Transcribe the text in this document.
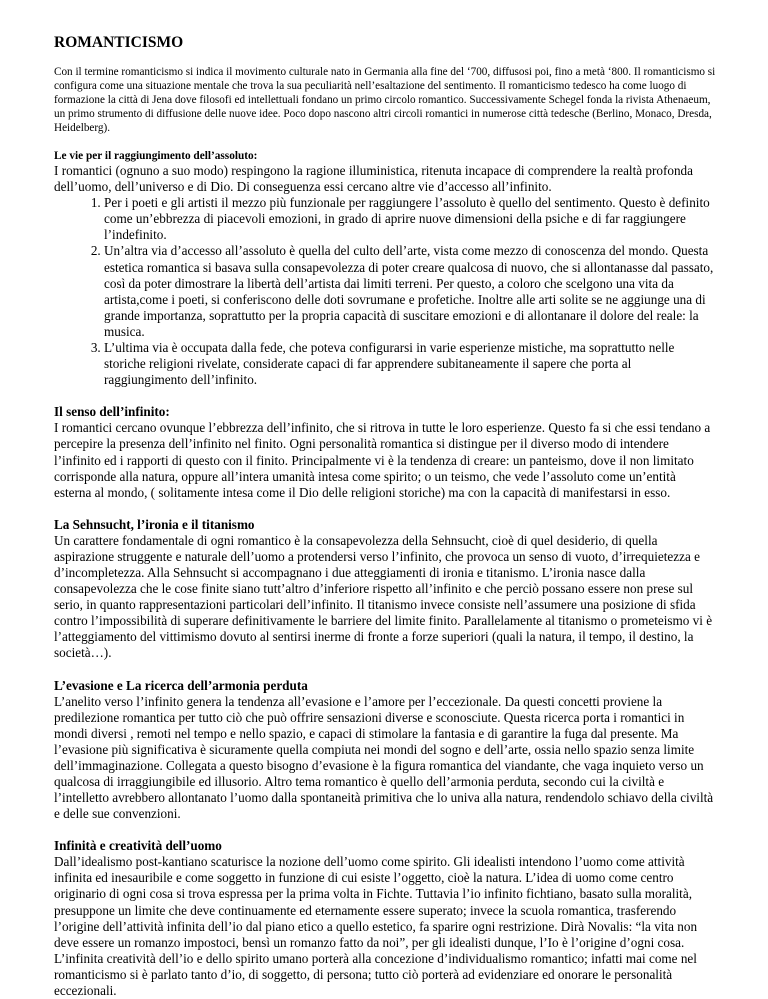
ROMANTICISMO

Con il termine romanticismo si indica il movimento culturale nato in Germania alla fine del ‘700, diffusosi poi, fino a metà ‘800. Il romanticismo si configura come una situazione mentale che trova la sua peculiarità nell’esaltazione del sentimento. Il romanticismo tedesco ha come luogo di formazione la città di Jena dove filosofi ed intellettuali fondano un primo circolo romantico. Successivamente Schegel fonda la rivista Athenaeum, un primo strumento di diffusione delle nuove idee. Poco dopo nascono altri circoli romantici in numerose città tedesche (Berlino, Monaco, Dresda, Heidelberg).

Le vie per il raggiungimento dell’assoluto:

I romantici (ognuno a suo modo) respingono la ragione illuministica, ritenuta incapace di comprendere la realtà profonda dell’uomo, dell’universo e di Dio. Di conseguenza essi cercano altre vie d’accesso all’infinito.

1. Per i poeti e gli artisti il mezzo più funzionale per raggiungere l’assoluto è quello del sentimento. Questo è definito come un’ebbrezza di piacevoli emozioni, in grado di aprire nuove dimensioni della psiche e di far raggiungere l’indefinito.
2. Un’altra via d’accesso all’assoluto è quella del culto dell’arte, vista come mezzo di conoscenza del mondo. Questa estetica romantica si basava sulla consapevolezza di poter creare qualcosa di nuovo, che si allontanasse dal passato, così da poter dimostrare la libertà dell’artista dai limiti terreni. Per questo, a coloro che scelgono una vita da artista,come i poeti, si conferiscono delle doti sovrumane e profetiche. Inoltre alle arti solite se ne aggiunge una di grande importanza, soprattutto per la propria capacità di suscitare emozioni e di allontanare il dolore del reale: la musica.
3. L’ultima via è occupata dalla fede, che poteva configurarsi in varie esperienze mistiche, ma soprattutto nelle storiche religioni rivelate, considerate capaci di far apprendere subitaneamente il sapere che porta al raggiungimento dell’infinito.
Il senso dell’infinito:

I romantici cercano ovunque l’ebbrezza dell’infinito, che si ritrova in tutte le loro esperienze. Questo fa si che essi tendano a percepire la presenza dell’infinito nel finito. Ogni personalità romantica si distingue per il diverso modo di intendere l’infinito ed i rapporti di questo con il finito. Principalmente vi è la tendenza di creare: un panteismo, dove il non limitato corrisponde alla natura, oppure all’intera umanità intesa come spirito; o un teismo, che vede l’assoluto come un’entità esterna al mondo, ( solitamente intesa come il Dio delle religioni storiche) ma con la capacità di manifestarsi in esso.

La Sehnsucht, l’ironia e il titanismo

Un carattere fondamentale di ogni romantico è la consapevolezza della Sehnsucht, cioè di quel desiderio, di quella aspirazione struggente e naturale dell’uomo a protendersi verso l’infinito, che provoca un senso di vuoto, d’irrequietezza e d’incompletezza. Alla Sehnsucht si accompagnano i due atteggiamenti di ironia e titanismo. L’ironia nasce dalla consapevolezza che le cose finite siano tutt’altro d’inferiore rispetto all’infinito e che perciò possano essere non prese sul serio, in quanto rappresentazioni particolari dell’infinito. Il titanismo invece consiste nell’assumere una posizione di sfida contro l’impossibilità di superare definitivamente le barriere del limite finito. Parallelamente al titanismo o prometeismo vi è l’atteggiamento del vittimismo dovuto al sentirsi inerme di fronte a forze superiori (quali la natura, il tempo, il destino, la società…).

L’evasione e La ricerca dell’armonia perduta

L’anelito verso l’infinito genera la tendenza all’evasione e l’amore per l’eccezionale. Da questi concetti proviene la predilezione romantica per tutto ciò che può offrire sensazioni diverse e sconosciute. Questa ricerca porta i romantici in mondi diversi , remoti nel tempo e nello spazio, e capaci di stimolare la fantasia e di garantire la fuga dal presente. Ma l’evasione più significativa è sicuramente quella compiuta nei mondi del sogno e dell’arte, ossia nello spazio senza limite dell’immaginazione. Collegata a questo bisogno d’evasione è la figura romantica del viandante, che vaga inquieto verso un qualcosa di irraggiungibile ed illusorio. Altro tema romantico è quello dell’armonia perduta, secondo cui la civiltà e l’intelletto avrebbero allontanato l’uomo dalla spontaneità primitiva che lo univa alla natura, rendendolo schiavo della civiltà e delle sue convenzioni.

Infinità e creatività dell’uomo

Dall’idealismo post-kantiano scaturisce la nozione dell’uomo come spirito. Gli idealisti intendono l’uomo come attività infinita ed inesauribile e come soggetto in funzione di cui esiste l’oggetto, cioè la natura. L’idea di uomo come centro originario di ogni cosa si trova espressa per la prima volta in Fichte. Tuttavia l’io infinito fichtiano, basato sulla moralità, presuppone un limite che deve continuamente ed eternamente essere superato; invece la scuola romantica, trasferendo l’origine dell’attività infinita dell’io dal piano etico a quello estetico, fa sparire ogni restrizione. Dirà Novalis: “la vita non deve essere un romanzo impostoci, bensì un romanzo fatto da noi”, per gli idealisti dunque, l’Io è l’origine d’ogni cosa. L’infinita creatività dell’io e dello spirito umano porterà alla concezione d’individualismo romantico; infatti mai come nel romanticismo si è parlato tanto d’io, di soggetto, di persona; tutto ciò porterà ad evidenziare ed onorare le personalità eccezionali.
